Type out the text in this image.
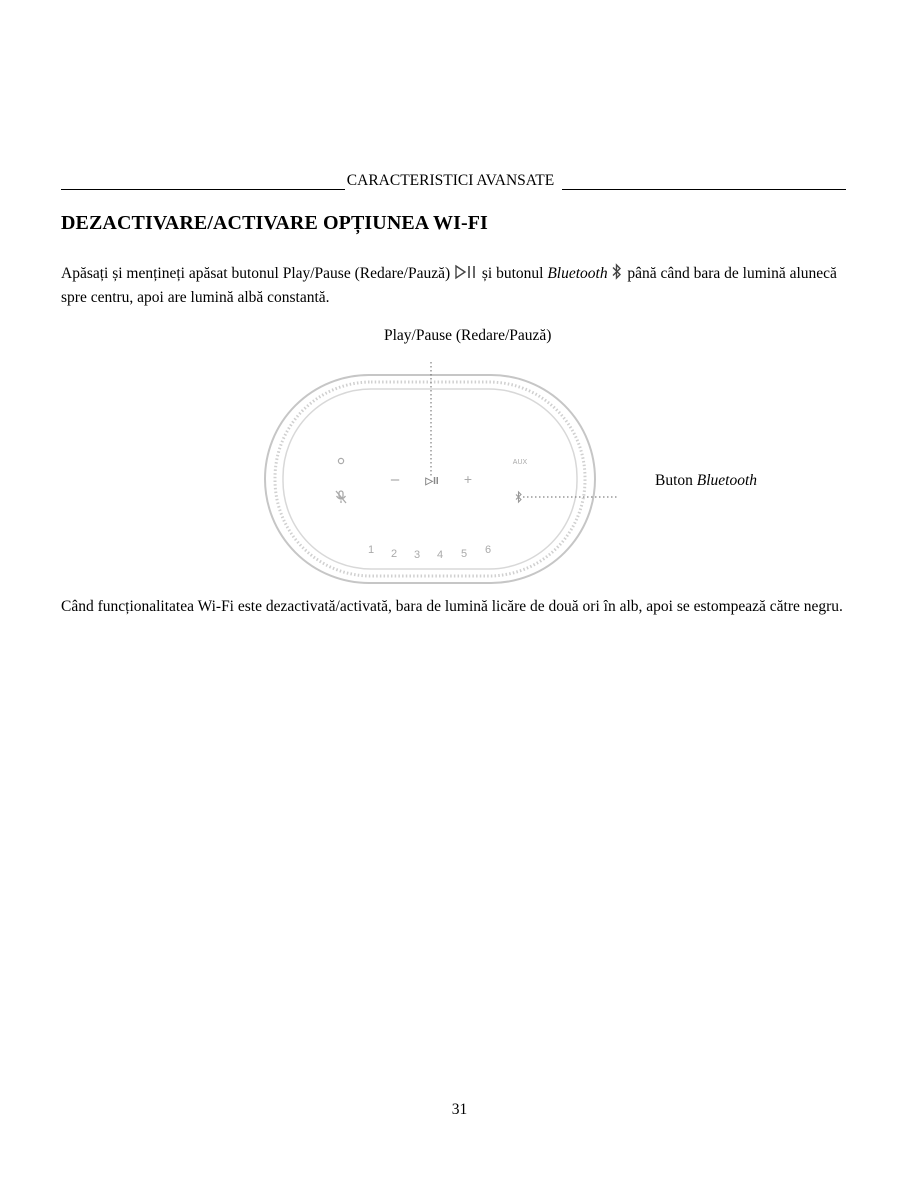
CARACTERISTICI AVANSATE
DEZACTIVARE/ACTIVARE OPȚIUNEA WI-FI

Apăsați și mențineți apăsat butonul Play/Pause (Redare/Pauză)  și butonul Bluetooth  până când bara de lumină alunecă spre centru, apoi are lumină albă constantă.

Play/Pause (Redare/Pauză)
Buton Bluetooth
–	▷II +
AUX
1 2 3 4 5 6

Când funcționalitatea Wi-Fi este dezactivată/activată, bara de lumină licăre de două ori în alb, apoi se estompează către negru.

31
